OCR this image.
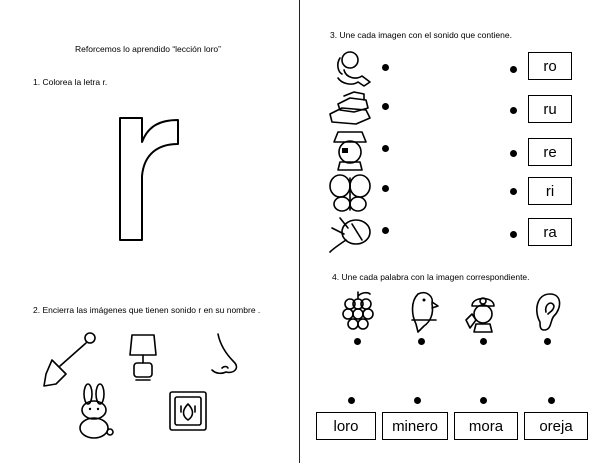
Reforcemos lo aprendido “lección loro”
1. Colorea la letra r.
2. Encierra las imágenes que tienen sonido r en su nombre .
3. Une cada imagen con el sonido que contiene.
ro
ru
re
ri
ra
4. Une cada palabra con la imagen correspondiente.
loro	minero	mora	oreja
